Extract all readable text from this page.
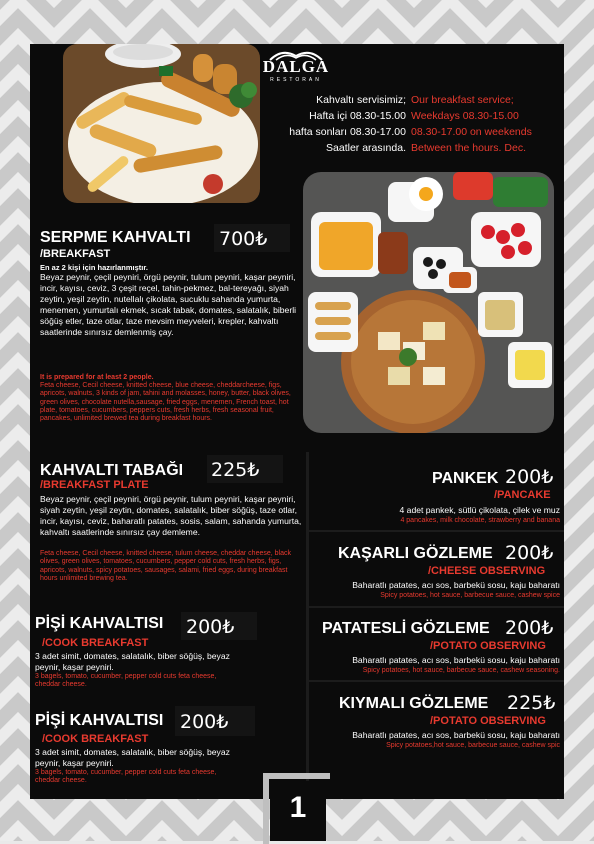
DALGA
RESTORAN
Kahvaltı servisimiz;
Hafta içi 08.30-15.00
hafta sonları 08.30-17.00
Saatler arasında.
Our breakfast service;
Weekdays 08.30-15.00
08.30-17.00 on weekends
Between the hours. Dec.
SERPME KAHVALTI 700₺
/BREAKFAST
En az 2 kişi için hazırlanmıştır.
Beyaz peynir, çeçil peyniri, örgü peynir, tulum peyniri, kaşar peyniri, incir, kayısı, ceviz, 3 çeşit reçel, tahin-pekmez, bal-tereyağı, siyah zeytin, yeşil zeytin, nutellalı çikolata, sucuklu sahanda yumurta, menemen, yumurtalı ekmek, sıcak tabak, domates, salatalık, biberli söğüş etler, taze otlar, taze mevsim meyveleri, krepler, kahvaltı saatlerinde sınırsız demlenmiş çay.
It is prepared for at least 2 people.
Feta cheese, Cecil cheese, knitted cheese, blue cheese, cheddarcheese, figs, apricots, walnuts, 3 kinds of jam, tahini and molasses, honey, butter, black olives, green olives, chocolate nutella,sausage, fried eggs, menemen, French toast, hot plate, tomatoes, cucumbers, peppers cuts, fresh herbs, fresh seasonal fruit, pancakes, unlimited brewed tea during breakfast hours.
KAHVALTI TABAĞI 225₺
/BREAKFAST PLATE
Beyaz peynir, çeçil peyniri, örgü peynir, tulum peyniri, kaşar peyniri, siyah zeytin, yeşil zeytin, domates, salatalık, biber söğüş, taze otlar, incir, kayısı, ceviz, baharatlı patates, sosis, salam, sahanda yumurta, kahvaltı saatlerinde sınırsız çay demleme.
Feta cheese, Cecil cheese, knitted cheese, tulum cheese, cheddar cheese, black olives, green olives, tomatoes, cucumbers, pepper cold cuts, fresh herbs, figs, apricots, walnuts, spicy potatoes, sausages, salami, fried eggs, during breakfast hours unlimited brewing tea.
PİŞİ KAHVALTISI 200₺
/COOK BREAKFAST
3 adet simit, domates, salatalık, biber söğüş, beyaz peynir, kaşar peyniri.
3 bagels, tomato, cucumber, pepper cold cuts feta cheese, cheddar cheese.
PİŞİ KAHVALTISI 200₺
/COOK BREAKFAST
3 adet simit, domates, salatalık, biber söğüş, beyaz peynir, kaşar peyniri.
3 bagels, tomato, cucumber, pepper cold cuts feta cheese, cheddar cheese.
PANKEK 200₺
/PANCAKE
4 adet pankek, sütlü çikolata, çilek ve muz
4 pancakes, milk chocolate, strawberry and banana
KAŞARLI GÖZLEME 200₺
/CHEESE OBSERVING
Baharatlı patates, acı sos, barbekü sosu, kaju baharatı
Spicy potatoes, hot sauce, barbecue sauce, cashew spice
PATATESLİ GÖZLEME 200₺
/POTATO OBSERVING
Baharatlı patates, acı sos, barbekü sosu, kaju baharatı
Spicy potatoes, hot sauce, barbecue sauce, cashew seasoning.
KIYMALI GÖZLEME 225₺
/POTATO OBSERVING
Baharatlı patates, acı sos, barbekü sosu, kaju baharatı
Spicy potatoes,hot sauce, barbecue sauce, cashew spic
1
